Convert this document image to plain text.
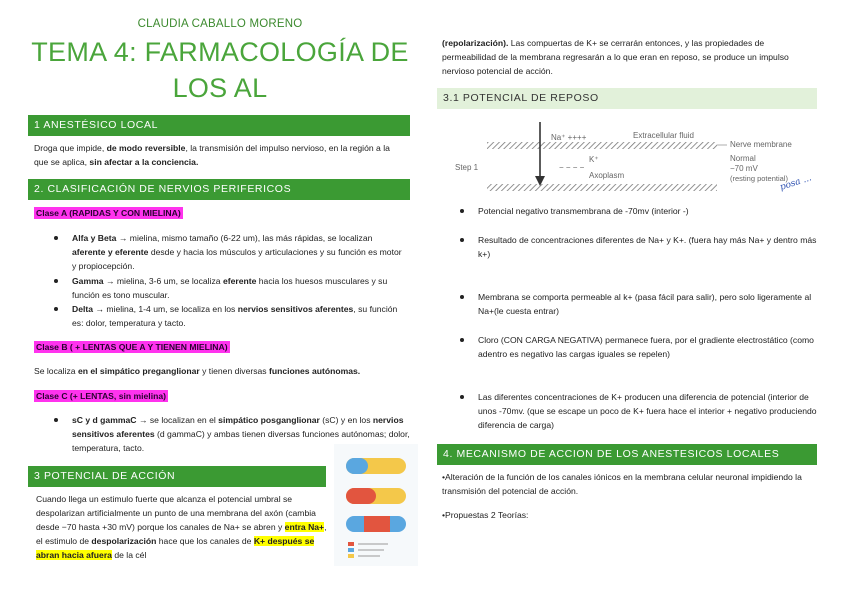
CLAUDIA CABALLO MORENO
TEMA 4: FARMACOLOGÍA DE
LOS AL
1 ANESTÉSICO LOCAL
Droga que impide, de modo reversible, la transmisión del impulso nervioso, en la región a la que se aplica, sin afectar a la conciencia.
2. CLASIFICACIÓN DE NERVIOS PERIFERICOS
Clase A (RAPIDAS Y CON MIELINA)
Alfa y Beta → mielina, mismo tamaño (6-22 um), las más rápidas, se localizan aferente y eferente desde y hacia los músculos y articulaciones y su función es motor y propiocepción.
Gamma → mielina, 3-6 um, se localiza eferente hacia los huesos musculares y su función es tono muscular.
Delta → mielina, 1-4 um, se localiza en los nervios sensitivos aferentes, su función es: dolor, temperatura y tacto.
Clase B ( + LENTAS QUE A Y TIENEN MIELINA)
Se localiza en el simpático preganglionar y tienen diversas funciones autónomas.
Clase C (+ LENTAS, sin mielina)
sC y d gammaC → se localizan en el simpático posganglionar (sC) y en los nervios sensitivos aferentes (d gammaC) y ambas tienen diversas funciones autónomas; dolor, temperatura, tacto.
3 POTENCIAL DE ACCIÓN
Cuando llega un estimulo fuerte que alcanza el potencial umbral se despolarizan artificialmente un punto de una membrana del axón (cambia desde −70 hasta +30 mV) porque los canales de Na+ se abren y entra Na+, el estimulo de despolarización hace que los canales de K+ después se abran hacia afuera de la cél
(repolarización). Las compuertas de K+ se cerrarán entonces, y las propiedades de permeabilidad de la membrana regresarán a lo que eran en reposo, se produce un impulso nervioso potencial de acción.
3.1 POTENCIAL DE REPOSO
Na⁺ ++++	Extracellular fluid
Nerve membrane
Step 1
K⁺
− − − −
Axoplasm
Normal
−70 mV
(resting potential)
posa ...
Potencial negativo transmembrana de -70mv (interior -)
Resultado de concentraciones diferentes de Na+ y K+. (fuera hay más Na+ y dentro más k+)
Membrana se comporta permeable al k+ (pasa fácil para salir), pero solo ligeramente al Na+(le cuesta entrar)
Cloro (CON CARGA NEGATIVA) permanece fuera, por el gradiente electrostático (como adentro es negativo las cargas iguales se repelen)
Las diferentes concentraciones de K+ producen una diferencia de potencial (interior de unos -70mv. (que se escape un poco de K+ fuera hace el interior + negativo produciendo diferencia de carga)
4. MECANISMO DE ACCION DE LOS ANESTESICOS LOCALES
•Alteración de la función de los canales iónicos en la membrana celular neuronal impidiendo la transmisión del potencial de acción.
•Propuestas 2 Teorías:
